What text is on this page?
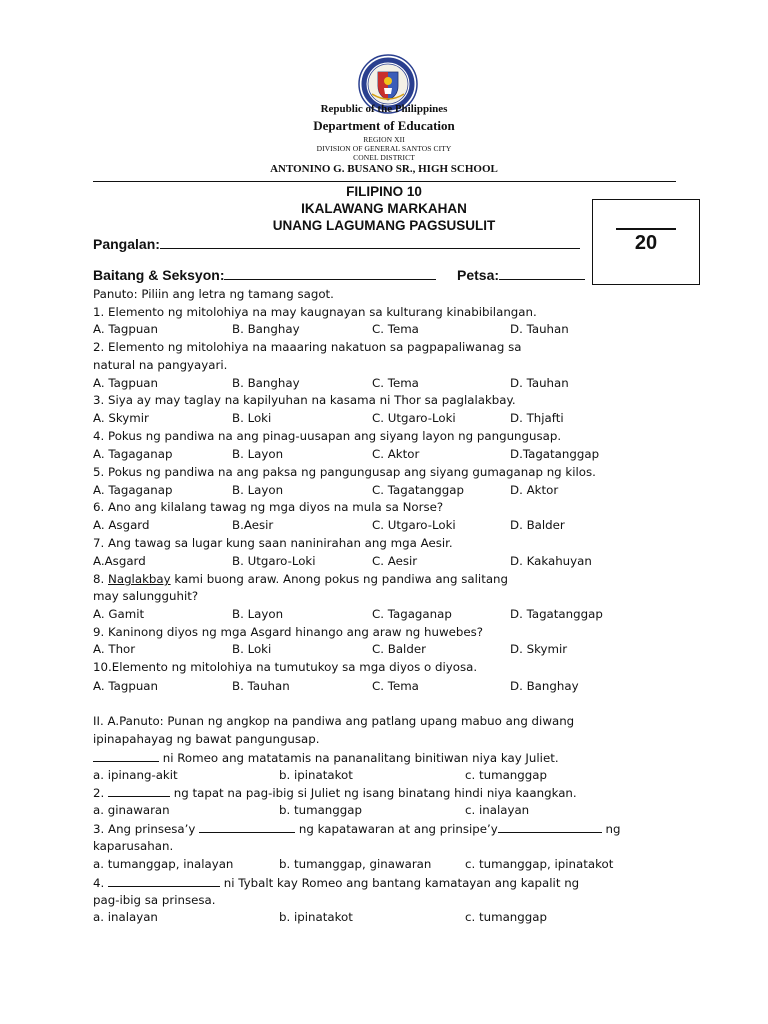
Republic of the Philippines
Department of Education
REGION XII
DIVISION OF GENERAL SANTOS CITY
CONEL DISTRICT
ANTONINO G. BUSANO SR., HIGH SCHOOL
FILIPINO 10
IKALAWANG MARKAHAN
UNANG LAGUMANG PAGSUSULIT
20
Pangalan:
Baitang & Seksyon:	Petsa:
Panuto: Piliin ang letra ng tamang sagot.
1. Elemento ng mitolohiya na may kaugnayan sa kulturang kinabibilangan.
A. Tagpuan	B. Banghay	C. Tema	D. Tauhan
2. Elemento ng mitolohiya na maaaring nakatuon sa pagpapaliwanag sa
natural na pangyayari.
A. Tagpuan	B. Banghay	C. Tema	D. Tauhan
3. Siya ay may taglay na kapilyuhan na kasama ni Thor sa paglalakbay.
A. Skymir	B. Loki	C. Utgaro-Loki	D. Thjafti
4. Pokus ng pandiwa na ang pinag-uusapan ang siyang layon ng pangungusap.
A. Tagaganap	B. Layon	C. Aktor	D.Tagatanggap
5. Pokus ng pandiwa na ang paksa ng pangungusap ang siyang gumaganap ng kilos.
A. Tagaganap	B. Layon	C. Tagatanggap	D. Aktor
6. Ano ang kilalang tawag ng mga diyos na mula sa Norse?
A. Asgard	B.Aesir	C. Utgaro-Loki	D. Balder
7. Ang tawag sa lugar kung saan naninirahan ang mga Aesir.
A.Asgard	B. Utgaro-Loki	C. Aesir	D. Kakahuyan
8. Naglakbay kami buong araw. Anong pokus ng pandiwa ang salitang
may salungguhit?
A. Gamit	B. Layon	C. Tagaganap	D. Tagatanggap
9. Kaninong diyos ng mga Asgard hinango ang araw ng huwebes?
A. Thor	B. Loki	C. Balder	D. Skymir
10.Elemento ng mitolohiya na tumutukoy sa mga diyos o diyosa.
A. Tagpuan	B. Tauhan	C. Tema	D. Banghay
II. A.Panuto: Punan ng angkop na pandiwa ang patlang upang mabuo ang diwang
ipinapahayag ng bawat pangungusap.
ni Romeo ang matatamis na pananalitang binitiwan niya kay Juliet.
a. ipinang-akit	b. ipinatakot	c. tumanggap
2.	ng tapat na pag-ibig si Juliet ng isang binatang hindi niya kaangkan.
a. ginawaran	b. tumanggap	c. inalayan
3. Ang prinsesa’y	ng kapatawaran at ang prinsipe’y	ng
kaparusahan.
a. tumanggap, inalayan	b. tumanggap, ginawaran	c. tumanggap, ipinatakot
4.	ni Tybalt kay Romeo ang bantang kamatayan ang kapalit ng
pag-ibig sa prinsesa.
a. inalayan	b. ipinatakot	c. tumanggap
